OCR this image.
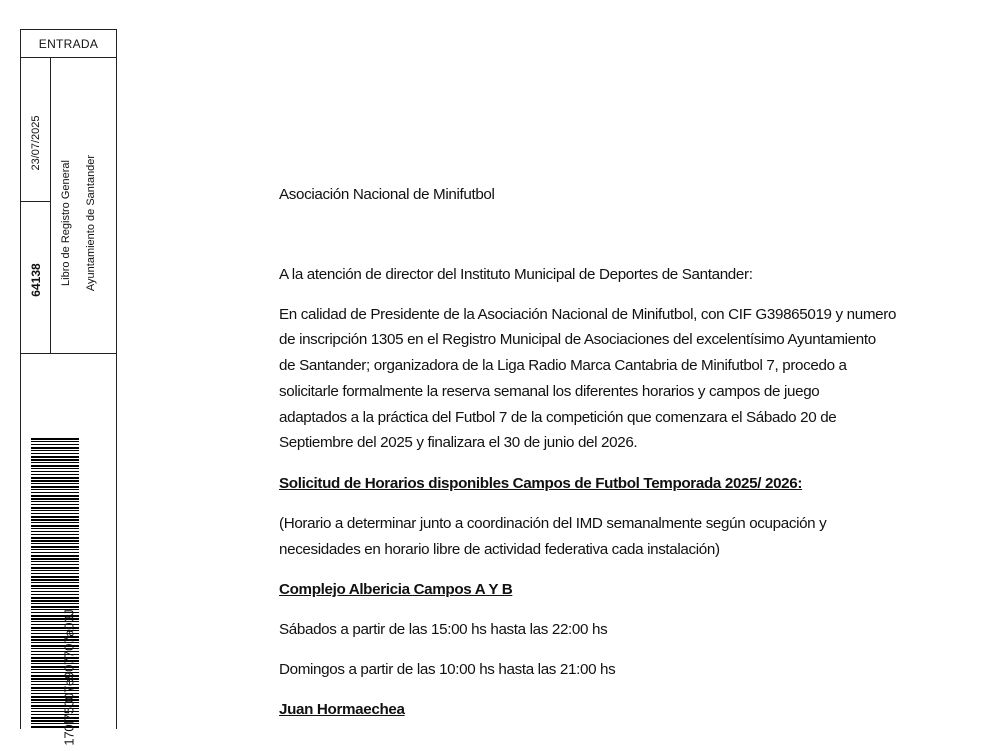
ENTRADA
23/07/2025
64138	Libro de Registro General	Ayuntamiento de Santander
170f75007e907707a03J

Asociación Nacional de Minifutbol

A la atención de director del Instituto Municipal de Deportes de Santander:

En calidad de Presidente de la Asociación Nacional de Minifutbol, con CIF G39865019 y numero

de inscripción 1305 en el Registro Municipal de Asociaciones del excelentísimo Ayuntamiento

de Santander; organizadora de la Liga Radio Marca Cantabria de Minifutbol 7, procedo a

solicitarle formalmente la reserva semanal los diferentes horarios y campos de juego

adaptados a la práctica del Futbol 7 de la competición que comenzara el Sábado 20 de

Septiembre del 2025 y finalizara el 30 de junio del 2026.

Solicitud de Horarios disponibles Campos de Futbol Temporada 2025/ 2026:

(Horario a determinar junto a coordinación del IMD semanalmente según ocupación y

necesidades en horario libre de actividad federativa cada instalación)

Complejo Albericia Campos A Y B

Sábados a partir de las 15:00 hs hasta las 22:00 hs

Domingos a partir de las 10:00 hs hasta las 21:00 hs

Juan Hormaechea
